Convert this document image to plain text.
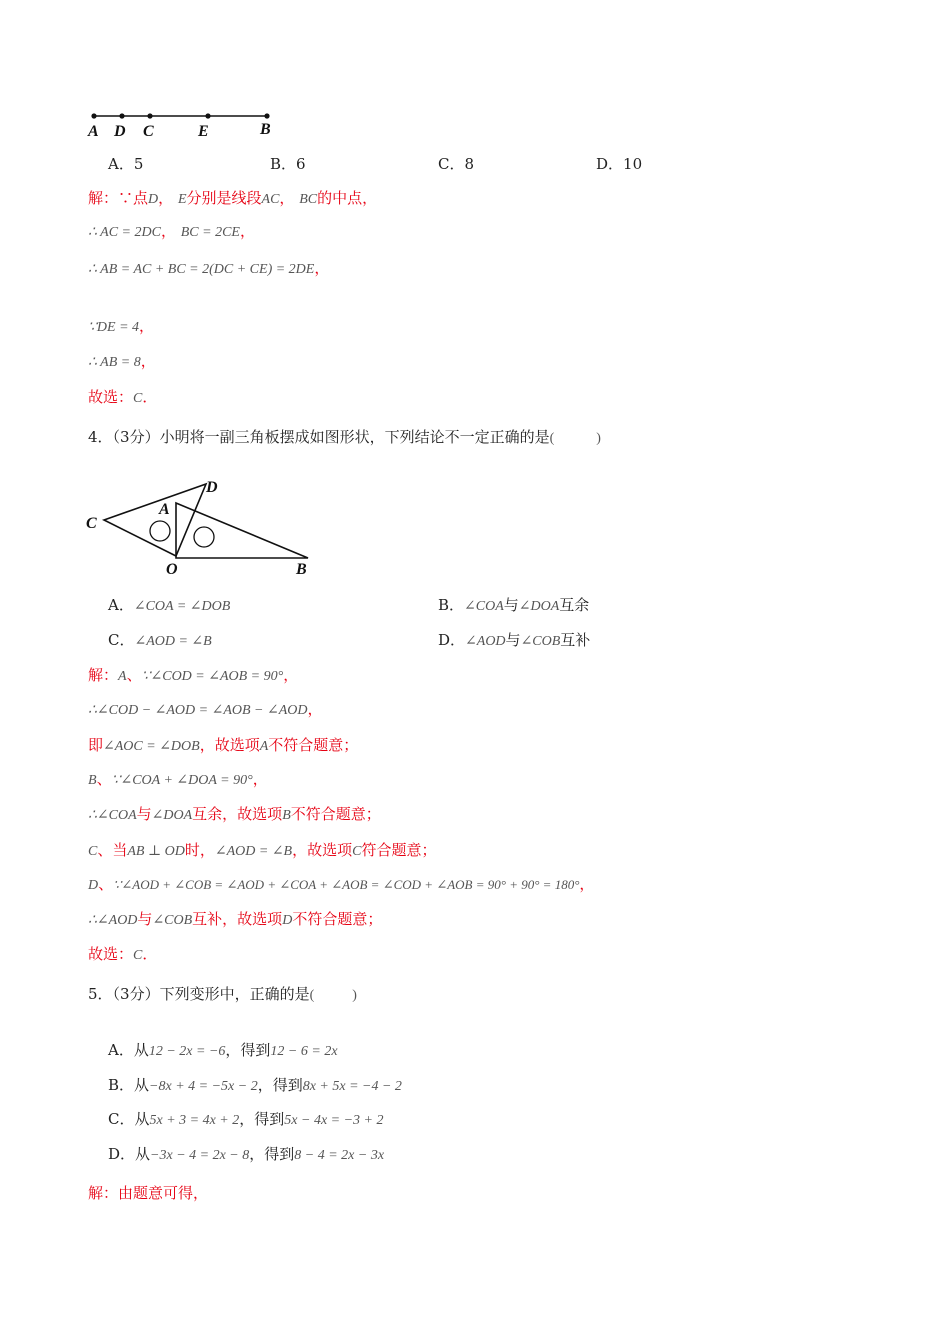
A D C	E	B
A．5	B．6	C．8	D．10
解：∵点D， E分别是线段AC， BC的中点，
∴ AC = 2DC， BC = 2CE，
∴ AB = AC + BC = 2(DC + CE) = 2DE，
∵DE = 4，
∴ AB = 8，
故选：C．
4．（3分）小明将一副三角板摆成如图形状，下列结论不一定正确的是(	)
C
D
A
O	B
A．∠COA = ∠DOB	B．∠COA与∠DOA互余
C．∠AOD = ∠B	D．∠AOD与∠COB互补
解：A、∵∠COD = ∠AOB = 90°，
∴∠COD − ∠AOD = ∠AOB − ∠AOD，
即∠AOC = ∠DOB，故选项A不符合题意；
B、∵∠COA + ∠DOA = 90°，
∴∠COA与∠DOA互余，故选项B不符合题意；
C、当AB ⊥ OD时，∠AOD = ∠B，故选项C符合题意；
D、∵∠AOD + ∠COB = ∠AOD + ∠COA + ∠AOB = ∠COD + ∠AOB = 90° + 90° = 180°，
∴∠AOD与∠COB互补，故选项D不符合题意；
故选：C．
5．（3分）下列变形中，正确的是(	)
A．从12 − 2x = −6，得到12 − 6 = 2x
B．从−8x + 4 = −5x − 2，得到8x + 5x = −4 − 2
C．从5x + 3 = 4x + 2，得到5x − 4x = −3 + 2
D．从−3x − 4 = 2x − 8，得到8 − 4 = 2x − 3x
解：由题意可得，
